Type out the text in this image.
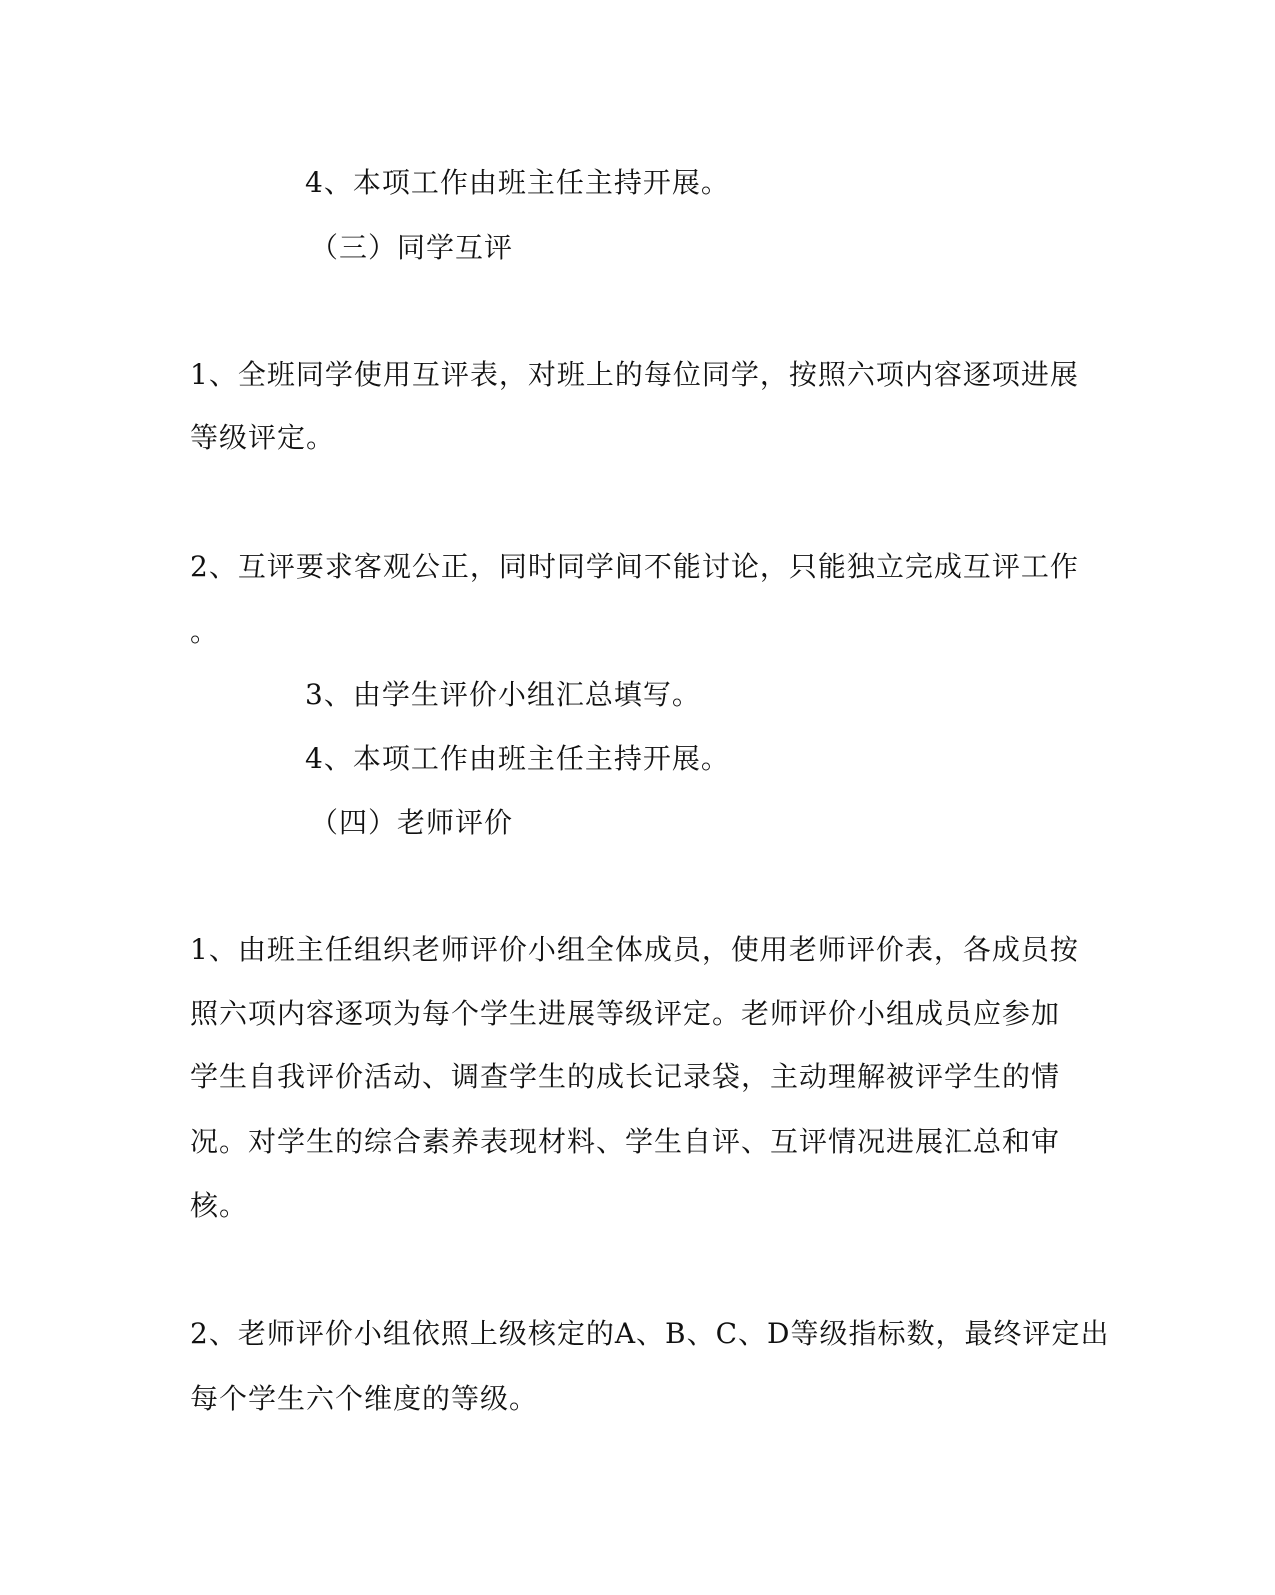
4、本项工作由班主任主持开展。

（三）同学互评

1、全班同学使用互评表，对班上的每位同学，按照六项内容逐项进展

等级评定。

2、互评要求客观公正，同时同学间不能讨论，只能独立完成互评工作

。

3、由学生评价小组汇总填写。

4、本项工作由班主任主持开展。

（四）老师评价

1、由班主任组织老师评价小组全体成员，使用老师评价表，各成员按

照六项内容逐项为每个学生进展等级评定。老师评价小组成员应参加

学生自我评价活动、调查学生的成长记录袋，主动理解被评学生的情

况。对学生的综合素养表现材料、学生自评、互评情况进展汇总和审

核。

2、老师评价小组依照上级核定的A、B、C、D等级指标数，最终评定出

每个学生六个维度的等级。
